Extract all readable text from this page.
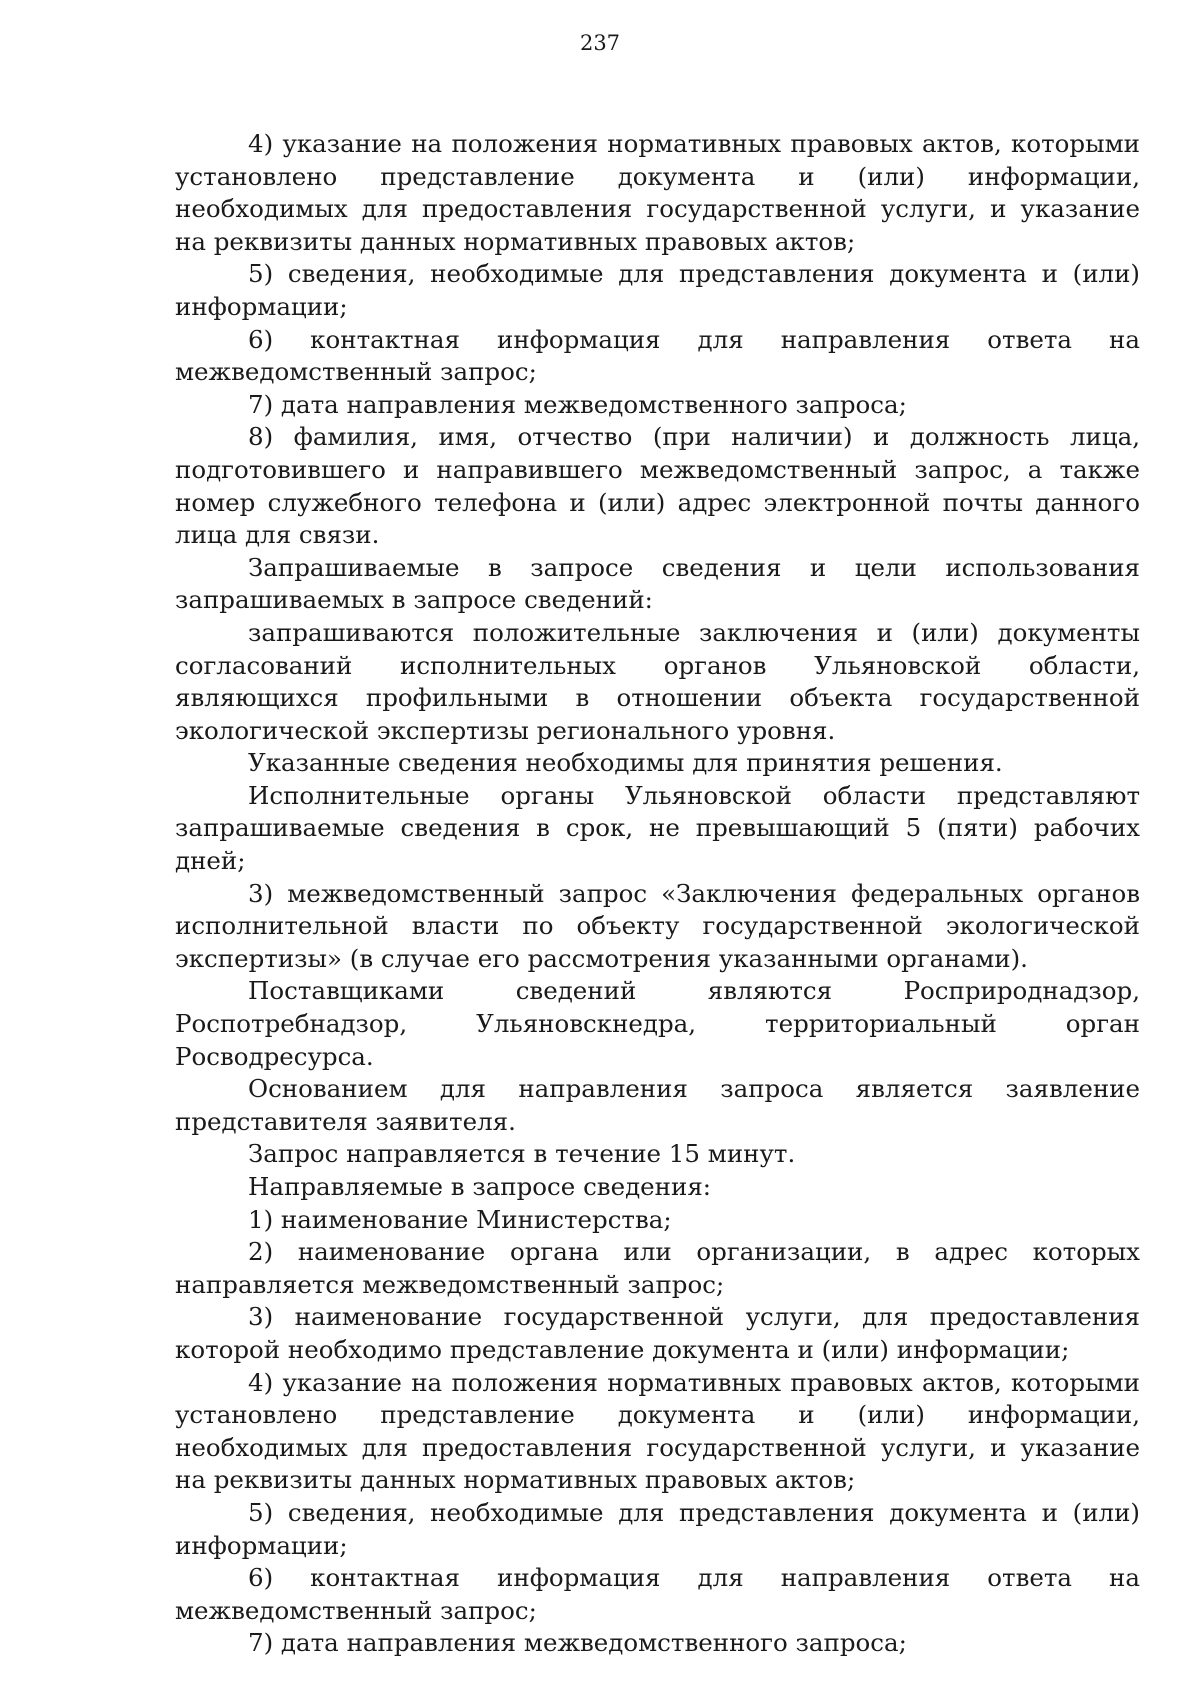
237

4) указание на положения нормативных правовых актов, которыми установлено представление документа и (или) информации, необходимых для предоставления государственной услуги, и указание на реквизиты данных нормативных правовых актов;

5) сведения, необходимые для представления документа и (или) информации;

6) контактная информация для направления ответа на межведомственный запрос;

7) дата направления межведомственного запроса;

8) фамилия, имя, отчество (при наличии) и должность лица, подготовившего и направившего межведомственный запрос, а также номер служебного телефона и (или) адрес электронной почты данного лица для связи.

Запрашиваемые в запросе сведения и цели использования запрашиваемых в запросе сведений:

запрашиваются положительные заключения и (или) документы согласований исполнительных органов Ульяновской области, являющихся профильными в отношении объекта государственной экологической экспертизы регионального уровня.

Указанные сведения необходимы для принятия решения.

Исполнительные органы Ульяновской области представляют запрашиваемые сведения в срок, не превышающий 5 (пяти) рабочих дней;

3) межведомственный запрос «Заключения федеральных органов исполнительной власти по объекту государственной экологической экспертизы» (в случае его рассмотрения указанными органами).

Поставщиками сведений являются Росприроднадзор, Роспотребнадзор, Ульяновскнедра, территориальный орган Росводресурса.

Основанием для направления запроса является заявление представителя заявителя.

Запрос направляется в течение 15 минут.

Направляемые в запросе сведения:

1) наименование Министерства;

2) наименование органа или организации, в адрес которых направляется межведомственный запрос;

3) наименование государственной услуги, для предоставления которой необходимо представление документа и (или) информации;

4) указание на положения нормативных правовых актов, которыми установлено представление документа и (или) информации, необходимых для предоставления государственной услуги, и указание на реквизиты данных нормативных правовых актов;

5) сведения, необходимые для представления документа и (или) информации;

6) контактная информация для направления ответа на межведомственный запрос;

7) дата направления межведомственного запроса;
